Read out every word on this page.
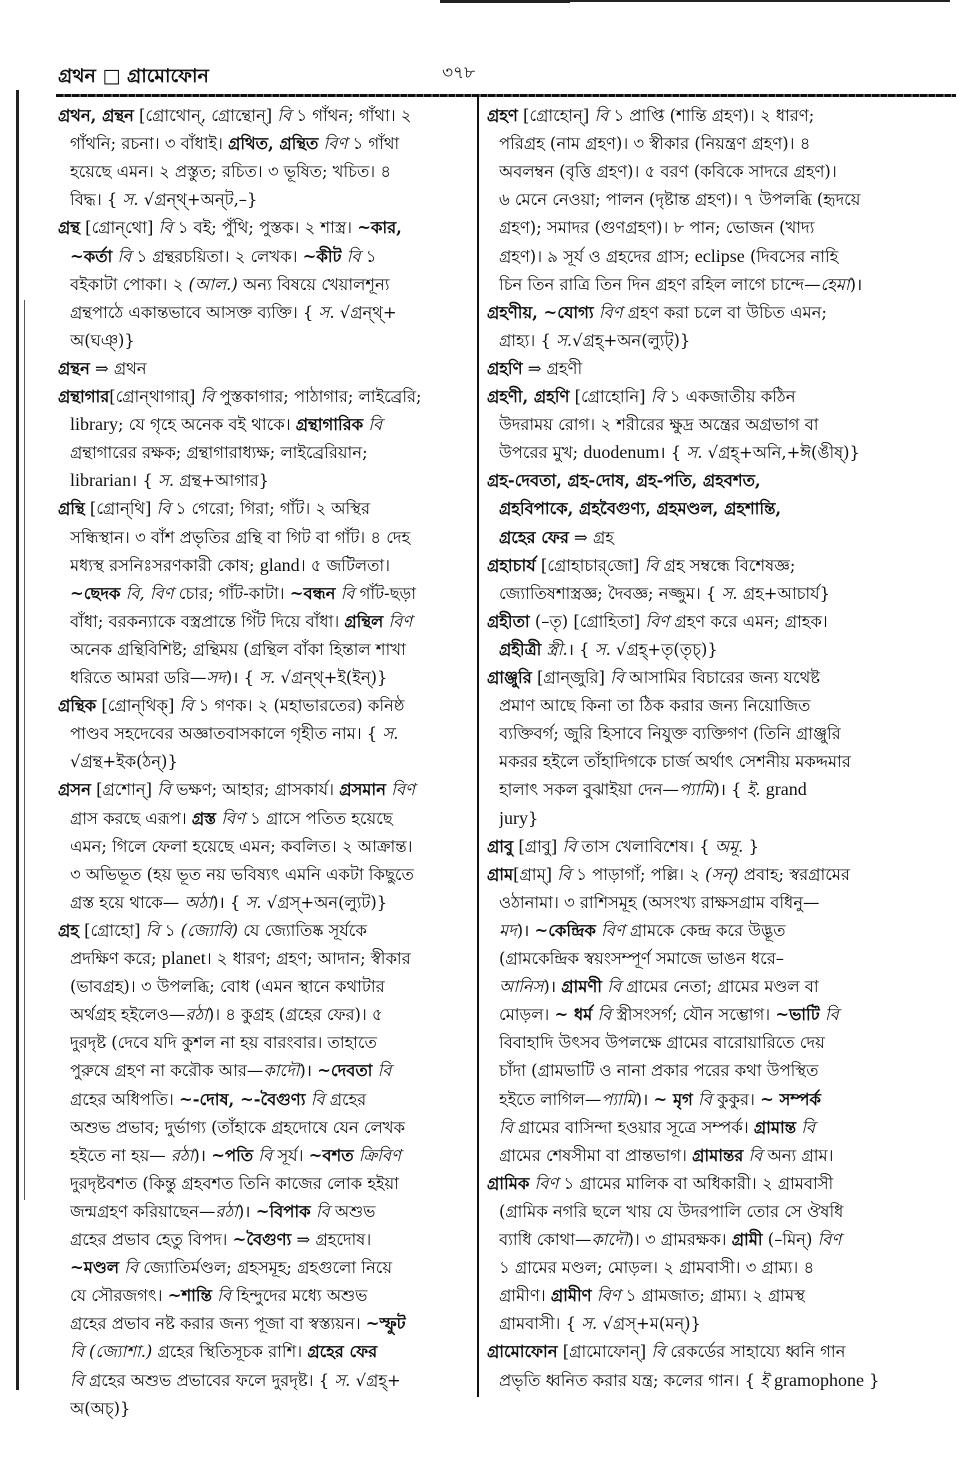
গ্রথন □ গ্রামোফোন	৩৭৮
গ্রথন, গ্রন্থন [গ্রোথোন্, গ্রোন্থোন্] বি ১ গাঁথন; গাঁথা। ২
গাঁথনি; রচনা। ৩ বাঁধাই। গ্রথিত, গ্রন্থিত বিণ ১ গাঁথা
হয়েছে এমন। ২ প্রস্তুত; রচিত। ৩ ভূষিত; খচিত। ৪
বিদ্ধ। { স. √গ্রন্থ্+অন্‌ট,–}
গ্রন্থ [গ্রোন্‌থো] বি ১ বই; পুঁথি; পুস্তক। ২ শাস্ত্র। ~কার,
~কর্তা বি ১ গ্রন্থরচয়িতা। ২ লেখক। ~কীট বি ১
বইকাটা পোকা। ২ (আল.) অন্য বিষয়ে খেয়ালশূন্য
গ্রন্থপাঠে একান্তভাবে আসক্ত ব্যক্তি। { স. √গ্রন্থ্+
অ(ঘঞ্)}
গ্রন্থন ⇒ গ্রথন
গ্রন্থাগার[গ্রোন্‌থাগার্] বি পুস্তকাগার; পাঠাগার; লাইব্রেরি;
library; যে গৃহে অনেক বই থাকে। গ্রন্থাগারিক বি
গ্রন্থাগারের রক্ষক; গ্রন্থাগারাধ্যক্ষ; লাইব্রেরিয়ান;
librarian। { স. গ্রন্থ+আগার}
গ্রন্থি [গ্রোন্‌থি] বি ১ গেরো; গিরা; গাঁট। ২ অস্থির
সন্ধিস্থান। ৩ বাঁশ প্রভৃতির গ্রন্থি বা গিট বা গাঁট। ৪ দেহ
মধ্যস্থ রসনিঃসরণকারী কোষ; gland। ৫ জটিলতা।
~ছেদক বি, বিণ চোর; গাঁট-কাটা। ~বন্ধন বি গাঁট-ছড়া
বাঁধা; বরকন্যাকে বস্ত্রপ্রান্তে গিঁট দিয়ে বাঁধা। গ্রন্থিল বিণ
অনেক গ্রন্থিবিশিষ্ট; গ্রন্থিময় (গ্রন্থিল বাঁকা হিন্তাল শাখা
ধরিতে আমরা ডরি—সদ)। { স. √গ্রন্থ্+ই(ইন্)}
গ্রন্থিক [গ্রোন্‌থিক্] বি ১ গণক। ২ (মহাভারতের) কনিষ্ঠ
পাণ্ডব সহদেবের অজ্ঞাতবাসকালে গৃহীত নাম। { স.
√গ্রন্থ+ইক(ঠন্)}
গ্রসন [গ্রশোন্] বি ভক্ষণ; আহার; গ্রাসকার্য। গ্রসমান বিণ
গ্রাস করছে এরূপ। গ্রস্ত বিণ ১ গ্রাসে পতিত হয়েছে
এমন; গিলে ফেলা হয়েছে এমন; কবলিত। ২ আক্রান্ত।
৩ অভিভূত (হয় ভূত নয় ভবিষ্যৎ এমনি একটা কিছুতে
গ্রস্ত হয়ে থাকে— অঠা)। { স. √গ্রস্+অন(ল্যুট)}
গ্রহ [গ্রোহো] বি ১ (জ্যোবি) যে জ্যোতিষ্ক সূর্যকে
প্রদক্ষিণ করে; planet। ২ ধারণ; গ্রহণ; আদান; স্বীকার
(ভাবগ্রহ)। ৩ উপলব্ধি; বোধ (এমন স্থানে কথাটার
অর্থগ্রহ হইলেও—রঠা)। ৪ কুগ্রহ (গ্রহের ফের)। ৫
দুরদৃষ্ট (দেবে যদি কুশল না হয় বারংবার। তাহাতে
পুরুষে গ্রহণ না করৌক আর—কাদৌ)। ~দেবতা বি
গ্রহের অধিপতি। ~-দোষ, ~-বৈগুণ্য বি গ্রহের
অশুভ প্রভাব; দুর্ভাগ্য (তাঁহাকে গ্রহদোষে যেন লেখক
হইতে না হয়— রঠা)। ~পতি বি সূর্য। ~বশত ক্রিবিণ
দুরদৃষ্টবশত (কিন্তু গ্রহবশত তিনি কাজের লোক হইয়া
জন্মগ্রহণ করিয়াছেন—রঠা)। ~বিপাক বি অশুভ
গ্রহের প্রভাব হেতু বিপদ। ~বৈগুণ্য ⇒ গ্রহদোষ।
~মণ্ডল বি জ্যোতির্মণ্ডল; গ্রহসমূহ; গ্রহগুলো নিয়ে
যে সৌরজগৎ। ~শান্তি বি হিন্দুদের মধ্যে অশুভ
গ্রহের প্রভাব নষ্ট করার জন্য পূজা বা স্বস্ত্যয়ন। ~স্ফুট
বি (জ্যোশা.) গ্রহের স্থিতিসূচক রাশি। গ্রহের ফের
বি গ্রহের অশুভ প্রভাবের ফলে দুরদৃষ্ট। { স. √গ্রহ্+
অ(অচ্)}
গ্রহণ [গ্রোহোন্] বি ১ প্রাপ্তি (শান্তি গ্রহণ)। ২ ধারণ;
পরিগ্রহ (নাম গ্রহণ)। ৩ স্বীকার (নিয়ন্ত্রণ গ্রহণ)। ৪
অবলম্বন (বৃত্তি গ্রহণ)। ৫ বরণ (কবিকে সাদরে গ্রহণ)।
৬ মেনে নেওয়া; পালন (দৃষ্টান্ত গ্রহণ)। ৭ উপলব্ধি (হৃদয়ে
গ্রহণ); সমাদর (গুণগ্রহণ)। ৮ পান; ভোজন (খাদ্য
গ্রহণ)। ৯ সূর্য ও গ্রহদের গ্রাস; eclipse (দিবসের নাহি
চিন তিন রাত্রি তিন দিন গ্রহণ রহিল লাগে চান্দে—হেমা)।
গ্রহণীয়, ~যোগ্য বিণ গ্রহণ করা চলে বা উচিত এমন;
গ্রাহ্য। { স.√গ্রহ্+অন(ল্যুট্)}
গ্রহণি ⇒ গ্রহণী
গ্রহণী, গ্রহণি [গ্রোহোনি] বি ১ একজাতীয় কঠিন
উদরাময় রোগ। ২ শরীরের ক্ষুদ্র অন্ত্রের অগ্রভাগ বা
উপরের মুখ; duodenum। { স. √গ্রহ্+অনি,+ঈ(ঙীষ্)}
গ্রহ-দেবতা, গ্রহ-দোষ, গ্রহ-পতি, গ্রহবশত,
গ্রহবিপাকে, গ্রহবৈগুণ্য, গ্রহমণ্ডল, গ্রহশান্তি,
গ্রহের ফের ⇒ গ্রহ
গ্রহাচার্য [গ্রোহাচার্‌জো] বি গ্রহ সম্বন্ধে বিশেষজ্ঞ;
জ্যোতিষশাস্ত্রজ্ঞ; দৈবজ্ঞ; নজ্জুম। { স. গ্রহ+আচার্য}
গ্রহীতা (–তৃ) [গ্রোহিতা] বিণ গ্রহণ করে এমন; গ্রাহক।
গ্রহীত্রী স্ত্রী.। { স. √গ্রহ্+তৃ(তৃচ্)}
গ্রাঞ্জুরি [গ্রান্‌জুরি] বি আসামির বিচারের জন্য যথেষ্ট
প্রমাণ আছে কিনা তা ঠিক করার জন্য নিয়োজিত
ব্যক্তিবর্গ; জুরি হিসাবে নিযুক্ত ব্যক্তিগণ (তিনি গ্রাঞ্জুরি
মকরর হইলে তাঁহাদিগকে চার্জ অর্থাৎ সেশনীয় মকদ্দমার
হালাৎ সকল বুঝাইয়া দেন—প্যামি)। { ই. grand
jury}
গ্রাবু [গ্রাবু] বি তাস খেলাবিশেষ। { অমূ. }
গ্রাম[গ্রাম্] বি ১ পাড়াগাঁ; পল্লি। ২ (সন্) প্রবাহ; স্বরগ্রামের
ওঠানামা। ৩ রাশিসমূহ (অসংখ্য রাক্ষসগ্রাম বধিনু—
মদ)। ~কেন্দ্রিক বিণ গ্রামকে কেন্দ্র করে উদ্ভূত
(গ্রামকেন্দ্রিক স্বয়ংসম্পূর্ণ সমাজে ভাঙন ধরে–
আনিস)। গ্রামণী বি গ্রামের নেতা; গ্রামের মণ্ডল বা
মোড়ল। ~ ধর্ম বি স্ত্রীসংসর্গ; যৌন সম্ভোগ। ~ভাটি বি
বিবাহাদি উৎসব উপলক্ষে গ্রামের বারোয়ারিতে দেয়
চাঁদা (গ্রামভাটি ও নানা প্রকার পরের কথা উপস্থিত
হইতে লাগিল—প্যামি)। ~ মৃগ বি কুকুর। ~ সম্পর্ক
বি গ্রামের বাসিন্দা হওয়ার সূত্রে সম্পর্ক। গ্রামান্ত বি
গ্রামের শেষসীমা বা প্রান্তভাগ। গ্রামান্তর বি অন্য গ্রাম।
গ্রামিক বিণ ১ গ্রামের মালিক বা অধিকারী। ২ গ্রামবাসী
(গ্রামিক নগরি ছলে খায় যে উদরপালি তোর সে ঔষধি
ব্যাধি কোথা—কাদৌ)। ৩ গ্রামরক্ষক। গ্রামী (–মিন্) বিণ
১ গ্রামের মণ্ডল; মোড়ল। ২ গ্রামবাসী। ৩ গ্রাম্য। ৪
গ্রামীণ। গ্রামীণ বিণ ১ গ্রামজাত; গ্রাম্য। ২ গ্রামস্থ
গ্রামবাসী। { স. √গ্রস্+ম(মন্)}
গ্রামোফোন [গ্রামোফোন্] বি রেকর্ডের সাহায্যে ধ্বনি গান
প্রভৃতি ধ্বনিত করার যন্ত্র; কলের গান। { ই gramophone }
